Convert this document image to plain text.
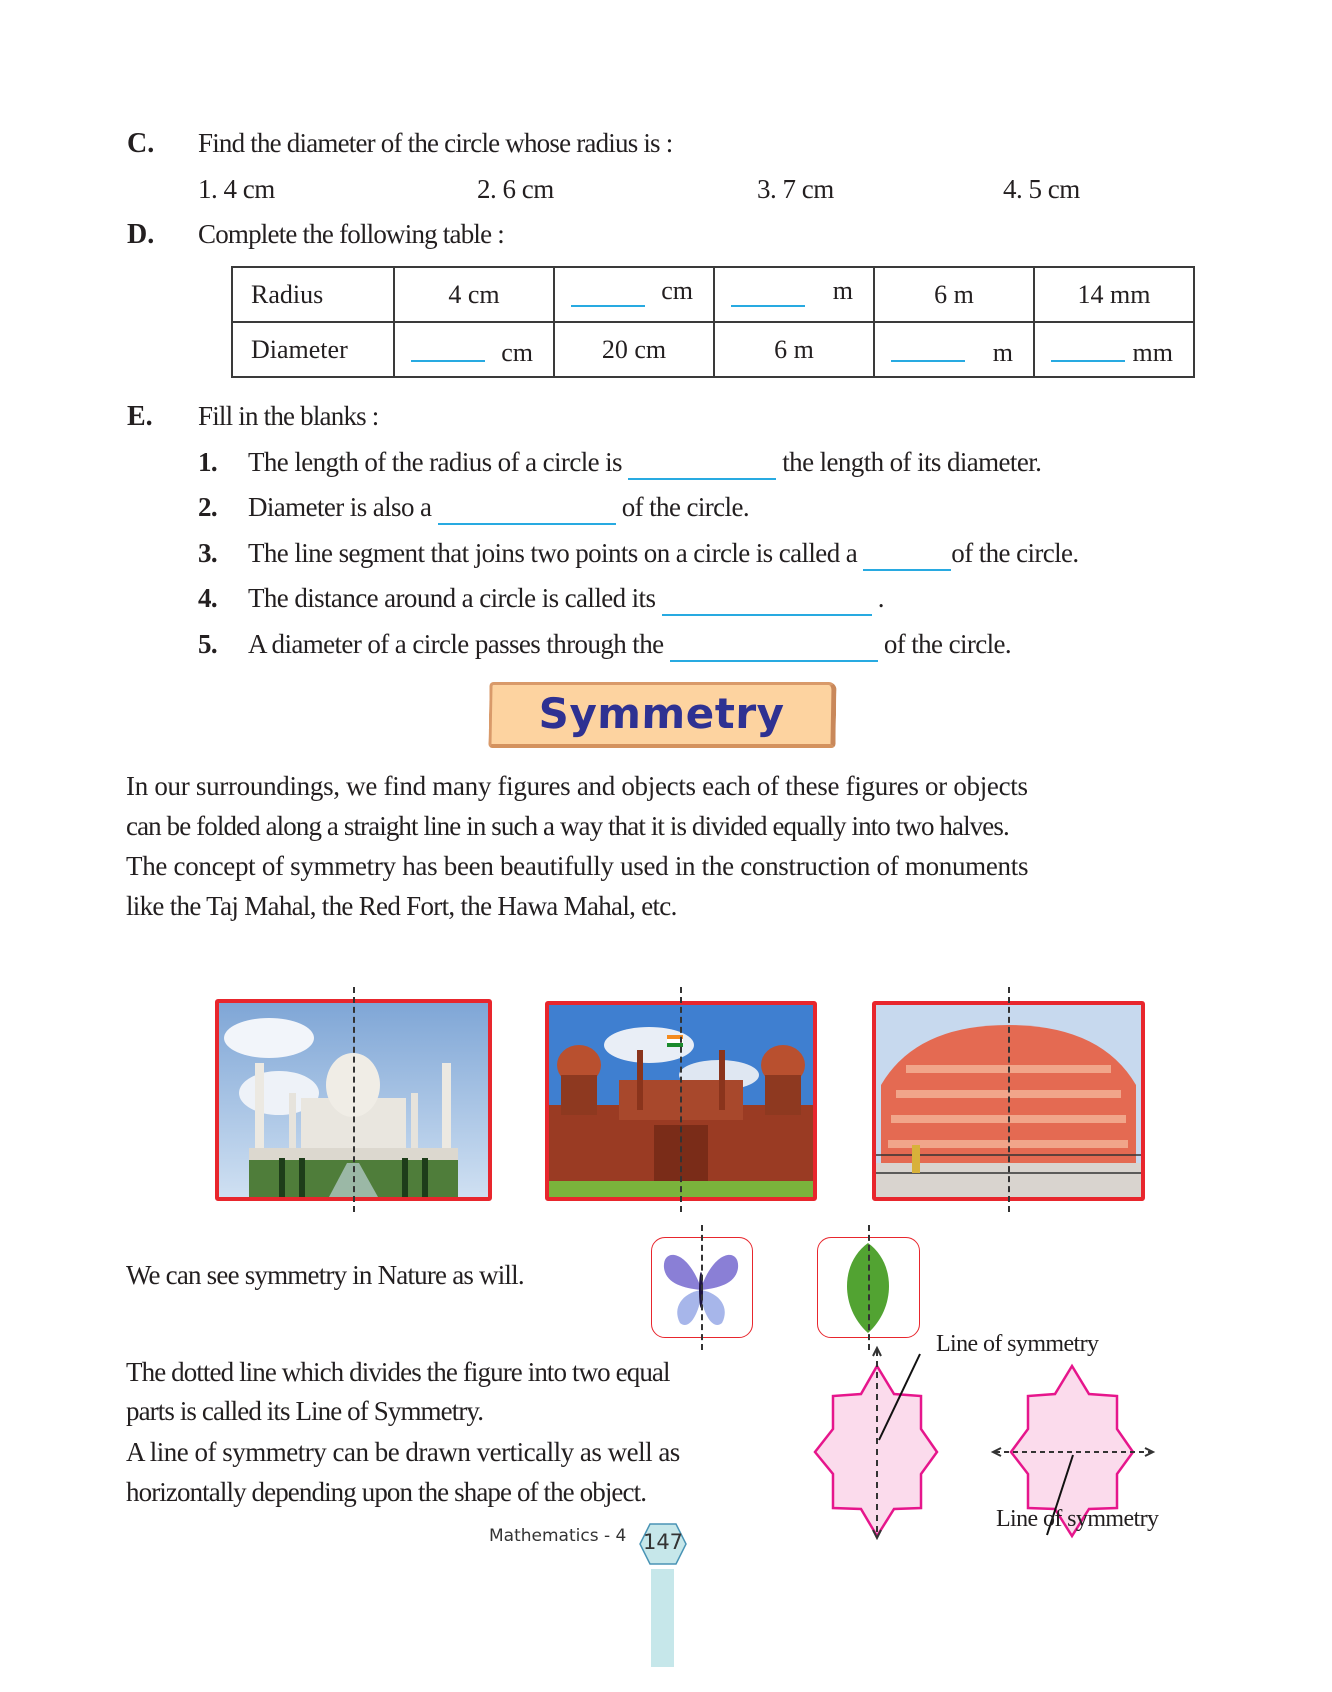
C. Find the diameter of the circle whose radius is :
1. 4 cm	2. 6 cm	3. 7 cm	4. 5 cm
D. Complete the following table :
Radius	4 cm	cm	m	6 m	14 mm
Diameter	cm	20 cm	6 m	m	mm
E. Fill in the blanks :
1. The length of the radius of a circle is	the length of its diameter.
2. Diameter is also a	of the circle.
3. The line segment that joins two points on a circle is called a	of the circle.
4. The distance around a circle is called its	.
5. A diameter of a circle passes through the	of the circle.
Symmetry
In our surroundings, we find many figures and objects each of these figures or objects
can be folded along a straight line in such a way that it is divided equally into two halves.
The concept of symmetry has been beautifully used in the construction of monuments
like the Taj Mahal, the Red Fort, the Hawa Mahal, etc.
We can see symmetry in Nature as will.
The dotted line which divides the figure into two equal
parts is called its Line of Symmetry.
A line of symmetry can be drawn vertically as well as
horizontally depending upon the shape of the object.
Line of symmetry
Line of symmetry
Mathematics - 4 147
